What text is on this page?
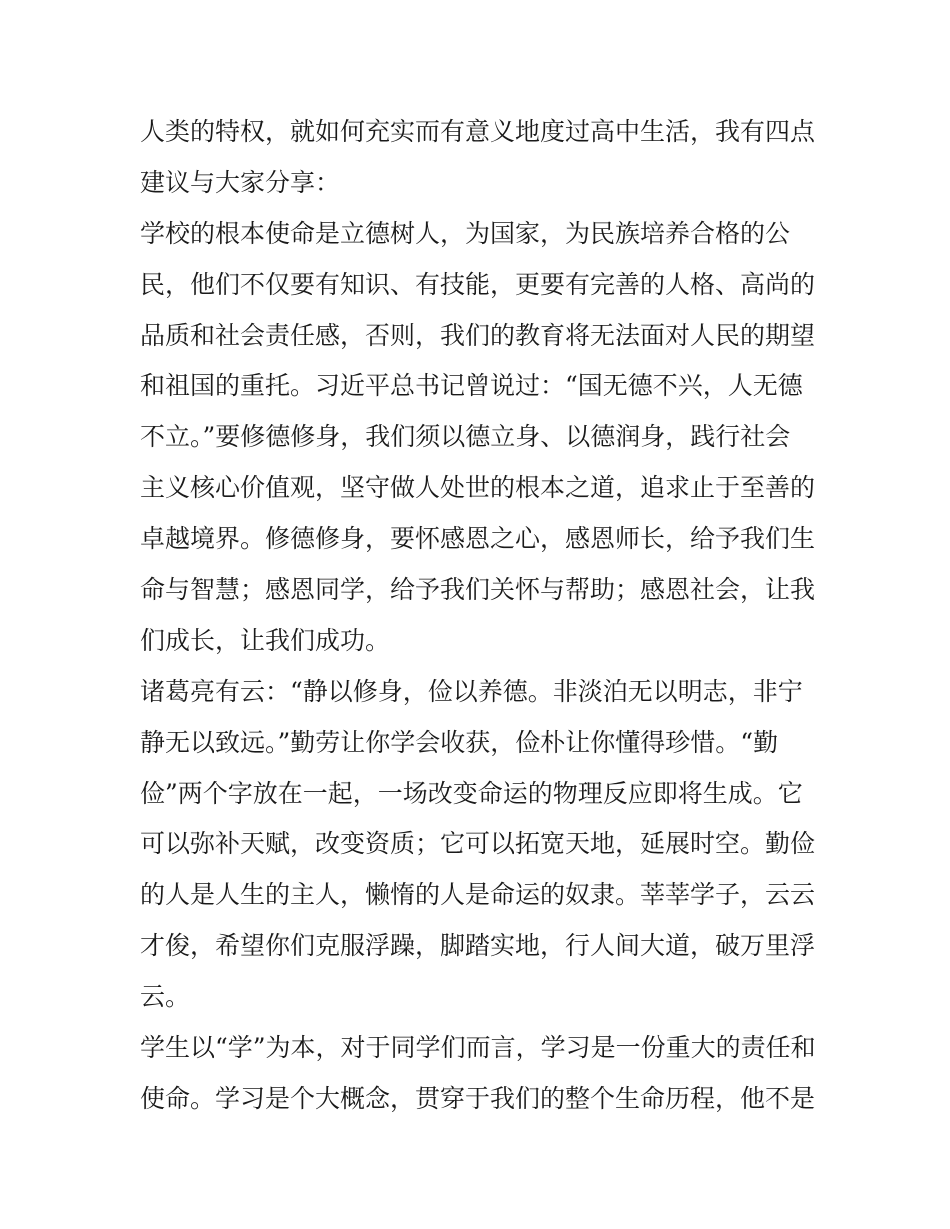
人类的特权，就如何充实而有意义地度过高中生活，我有四点
建议与大家分享：
学校的根本使命是立德树人，为国家，为民族培养合格的公
民，他们不仅要有知识、有技能，更要有完善的人格、高尚的
品质和社会责任感，否则，我们的教育将无法面对人民的期望
和祖国的重托。习近平总书记曾说过：“国无德不兴，人无德
不立。”要修德修身，我们须以德立身、以德润身，践行社会
主义核心价值观，坚守做人处世的根本之道，追求止于至善的
卓越境界。修德修身，要怀感恩之心，感恩师长，给予我们生
命与智慧；感恩同学，给予我们关怀与帮助；感恩社会，让我
们成长，让我们成功。
诸葛亮有云：“静以修身，俭以养德。非淡泊无以明志，非宁
静无以致远。”勤劳让你学会收获，俭朴让你懂得珍惜。“勤
俭”两个字放在一起，一场改变命运的物理反应即将生成。它
可以弥补天赋，改变资质；它可以拓宽天地，延展时空。勤俭
的人是人生的主人，懒惰的人是命运的奴隶。莘莘学子，云云
才俊，希望你们克服浮躁，脚踏实地，行人间大道，破万里浮
云。
学生以“学”为本，对于同学们而言，学习是一份重大的责任和
使命。学习是个大概念，贯穿于我们的整个生命历程，他不是
